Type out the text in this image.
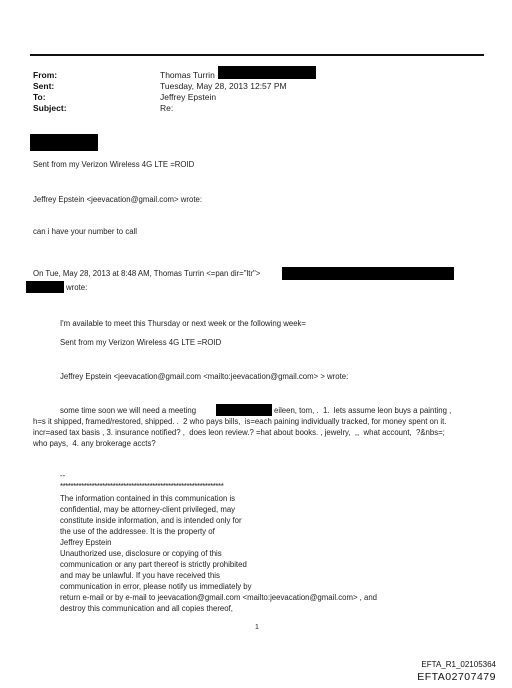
From:	Thomas Turrin
Sent:	Tuesday, May 28, 2013 12:57 PM
To:	Jeffrey Epstein
Subject:	Re:
Sent from my Verizon Wireless 4G LTE =ROID
Jeffrey Epstein <jeevacation@gmail.com> wrote:
can i have your number to call
On Tue, May 28, 2013 at 8:48 AM, Thomas Turrin <=pan dir="ltr">
wrote:
I'm available to meet this Thursday or next week or the following week=
Sent from my Verizon Wireless 4G LTE =ROID
Jeffrey Epstein <jeevacation@gmail.com <mailto:jeevacation@gmail.com> > wrote:
some time soon we will need a meeting	eileen, tom, .  1.  lets assume leon buys a painting ,
h=s it shipped, framed/restored, shipped. .  2 who pays bills,  is=each paining individually tracked, for money spent on it.
incr=ased tax basis , 3. insurance notified? ,  does leon review.? =hat about books. , jewelry,  ,,  what account,  ?&nbs=;
who pays,  4. any brokerage accts?
--
**************************************************************
The information contained in this communication is
confidential, may be attorney-client privileged, may
constitute inside information, and is intended only for
the use of the addressee. It is the property of
Jeffrey Epstein
Unauthorized use, disclosure or copying of this
communication or any part thereof is strictly prohibited
and may be unlawful. If you have received this
communication in error, please notify us immediately by
return e-mail or by e-mail to jeevacation@gmail.com <mailto:jeevacation@gmail.com> , and
destroy this communication and all copies thereof,
1
EFTA_R1_02105364
EFTA02707479
